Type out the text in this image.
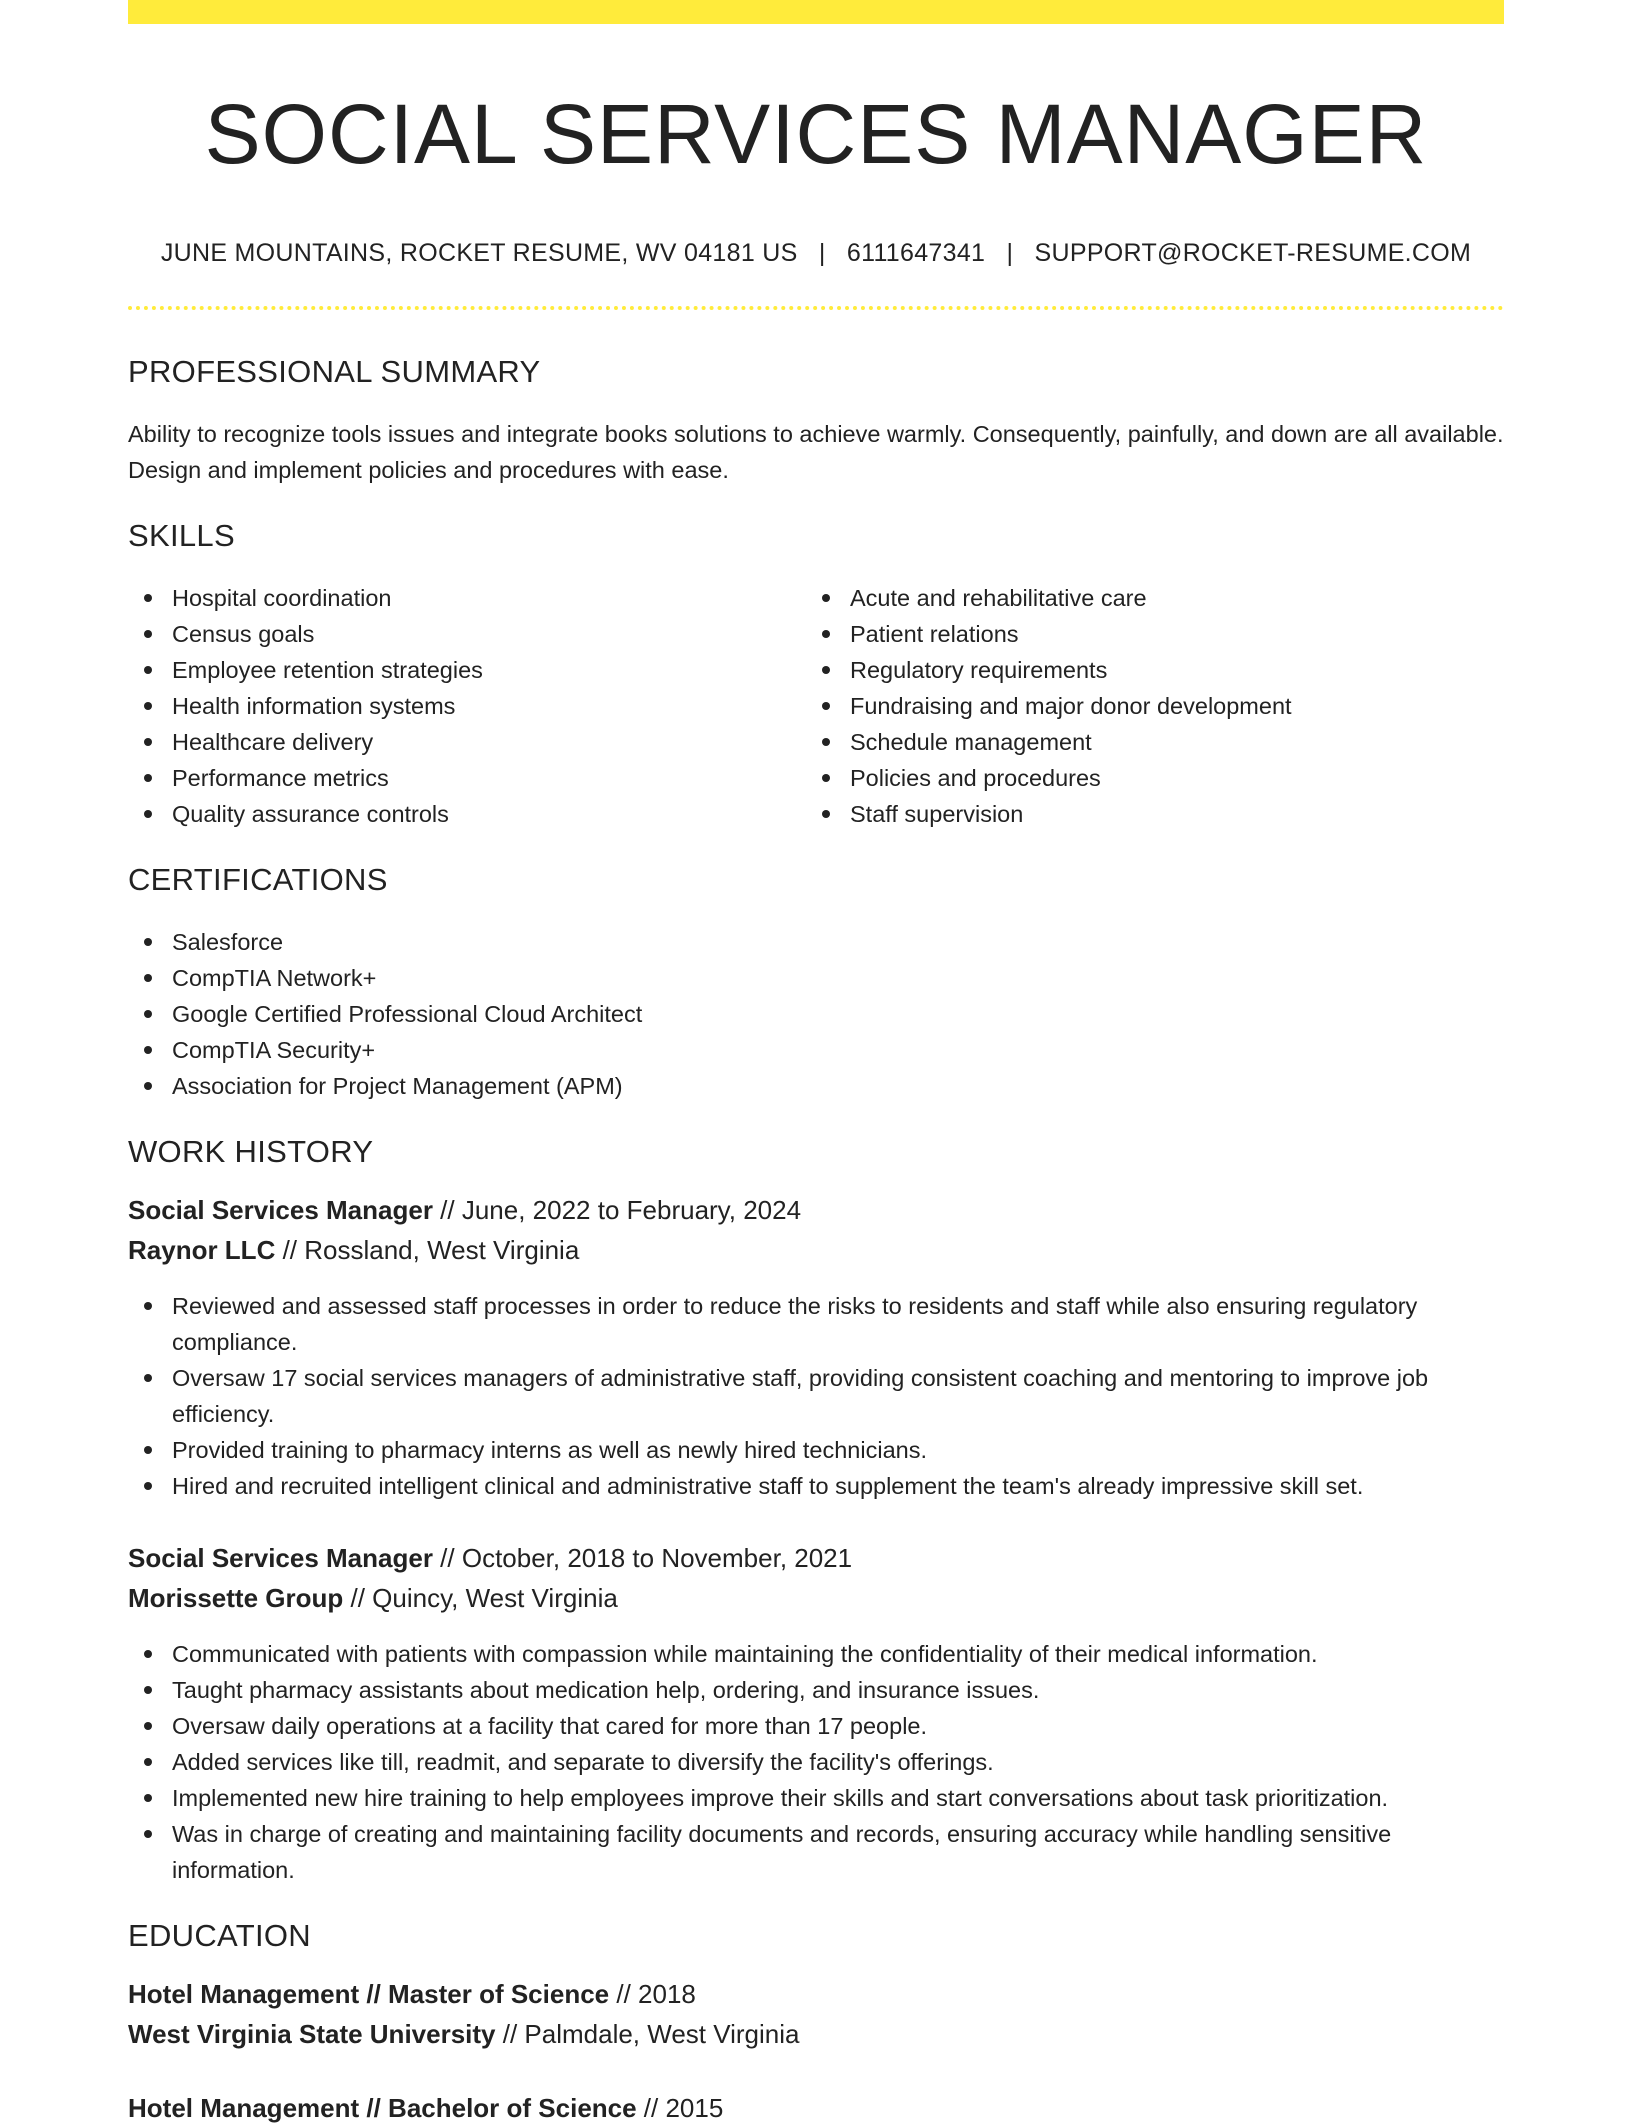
SOCIAL SERVICES MANAGER
JUNE MOUNTAINS, ROCKET RESUME, WV 04181 US | 6111647341 | SUPPORT@ROCKET-RESUME.COM
PROFESSIONAL SUMMARY

Ability to recognize tools issues and integrate books solutions to achieve warmly. Consequently, painfully, and down are all available. Design and implement policies and procedures with ease.

SKILLS
Hospital coordination
Census goals
Employee retention strategies
Health information systems
Healthcare delivery
Performance metrics
Quality assurance controls
Acute and rehabilitative care
Patient relations
Regulatory requirements
Fundraising and major donor development
Schedule management
Policies and procedures
Staff supervision
CERTIFICATIONS
Salesforce
CompTIA Network+
Google Certified Professional Cloud Architect
CompTIA Security+
Association for Project Management (APM)
WORK HISTORY
Social Services Manager // June, 2022 to February, 2024
Raynor LLC // Rossland, West Virginia
Reviewed and assessed staff processes in order to reduce the risks to residents and staff while also ensuring regulatory compliance.
Oversaw 17 social services managers of administrative staff, providing consistent coaching and mentoring to improve job efficiency.
Provided training to pharmacy interns as well as newly hired technicians.
Hired and recruited intelligent clinical and administrative staff to supplement the team's already impressive skill set.
Social Services Manager // October, 2018 to November, 2021
Morissette Group // Quincy, West Virginia
Communicated with patients with compassion while maintaining the confidentiality of their medical information.
Taught pharmacy assistants about medication help, ordering, and insurance issues.
Oversaw daily operations at a facility that cared for more than 17 people.
Added services like till, readmit, and separate to diversify the facility's offerings.
Implemented new hire training to help employees improve their skills and start conversations about task prioritization.
Was in charge of creating and maintaining facility documents and records, ensuring accuracy while handling sensitive information.
EDUCATION
Hotel Management // Master of Science // 2018
West Virginia State University // Palmdale, West Virginia
Hotel Management // Bachelor of Science // 2015
